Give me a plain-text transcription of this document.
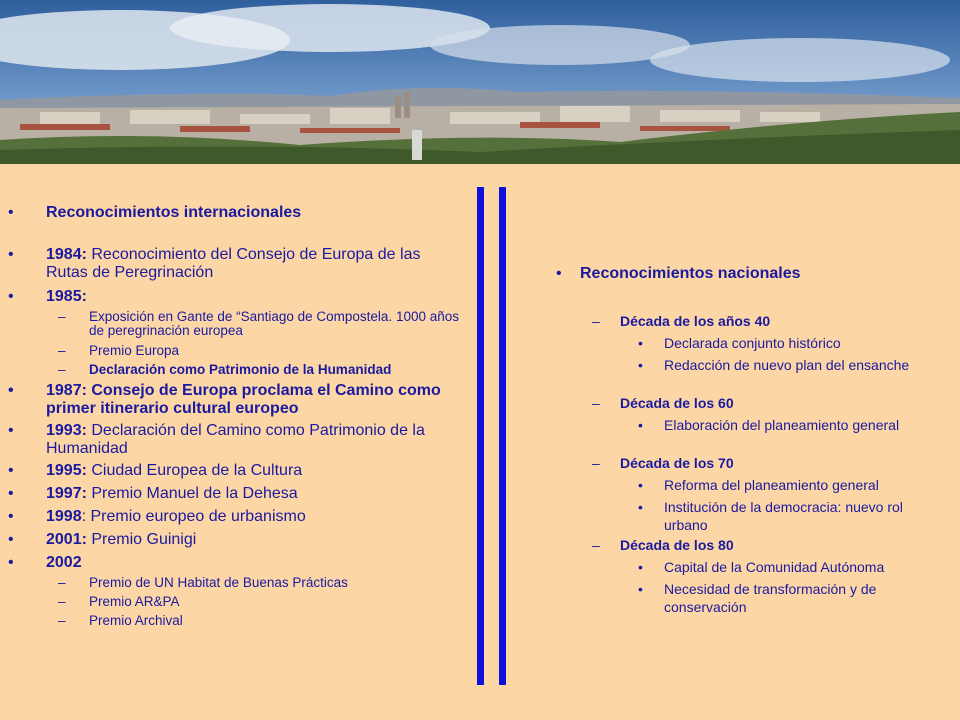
• Reconocimientos internacionales
• 1984: Reconocimiento del Consejo de Europa de las Rutas de Peregrinación
• 1985:
– Exposición en Gante de “Santiago de Compostela. 1000 años de peregrinación europea
– Premio Europa
– Declaración como Patrimonio de la Humanidad
• 1987: Consejo de Europa proclama el Camino como primer itinerario cultural europeo
• 1993: Declaración del Camino como Patrimonio de la Humanidad
• 1995: Ciudad Europea de la Cultura
• 1997: Premio Manuel de la Dehesa
• 1998: Premio europeo de urbanismo
• 2001: Premio Guinigi
• 2002
– Premio de UN Habitat de Buenas Prácticas
– Premio AR&PA
– Premio Archival
• Reconocimientos nacionales
– Década de los años 40
• Declarada conjunto histórico
• Redacción de nuevo plan del ensanche
– Década de los 60
• Elaboración del planeamiento general
– Década de los 70
• Reforma del planeamiento general
• Institución de la democracia: nuevo rol urbano
– Década de los 80
• Capital de la Comunidad Autónoma
• Necesidad de transformación y de conservación
